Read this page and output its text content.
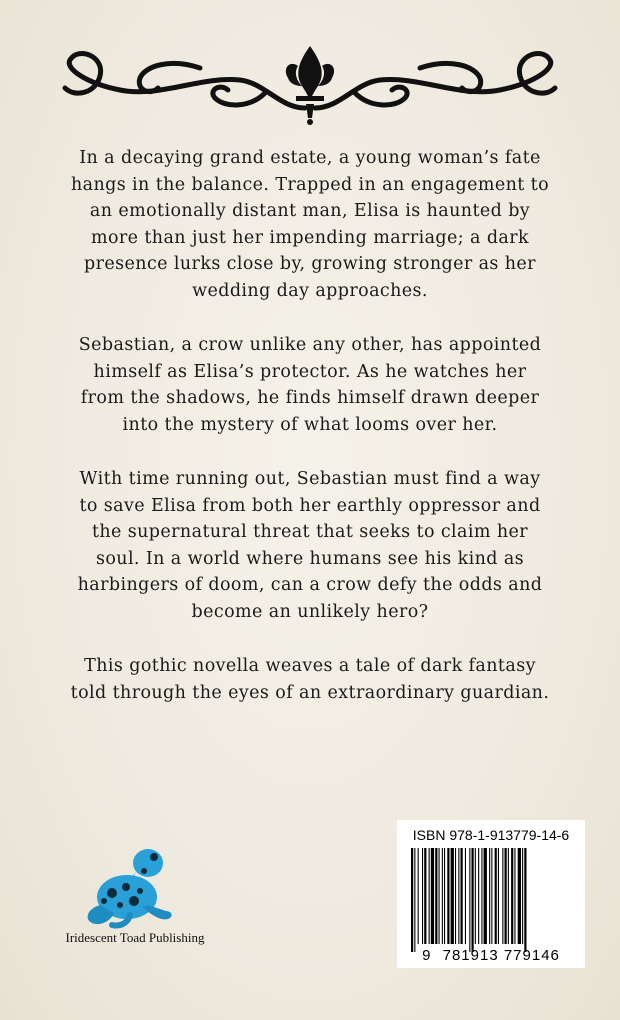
In a decaying grand estate, a young woman’s fate hangs in the balance. Trapped in an engagement to an emotionally distant man, Elisa is haunted by more than just her impending marriage; a dark presence lurks close by, growing stronger as her wedding day approaches.

Sebastian, a crow unlike any other, has appointed himself as Elisa’s protector. As he watches her from the shadows, he finds himself drawn deeper into the mystery of what looms over her.

With time running out, Sebastian must find a way to save Elisa from both her earthly oppressor and the supernatural threat that seeks to claim her soul. In a world where humans see his kind as harbingers of doom, can a crow defy the odds and become an unlikely hero?

This gothic novella weaves a tale of dark fantasy told through the eyes of an extraordinary guardian.

Iridescent Toad Publishing
ISBN 978-1-913779-14-6
9 781913 779146
